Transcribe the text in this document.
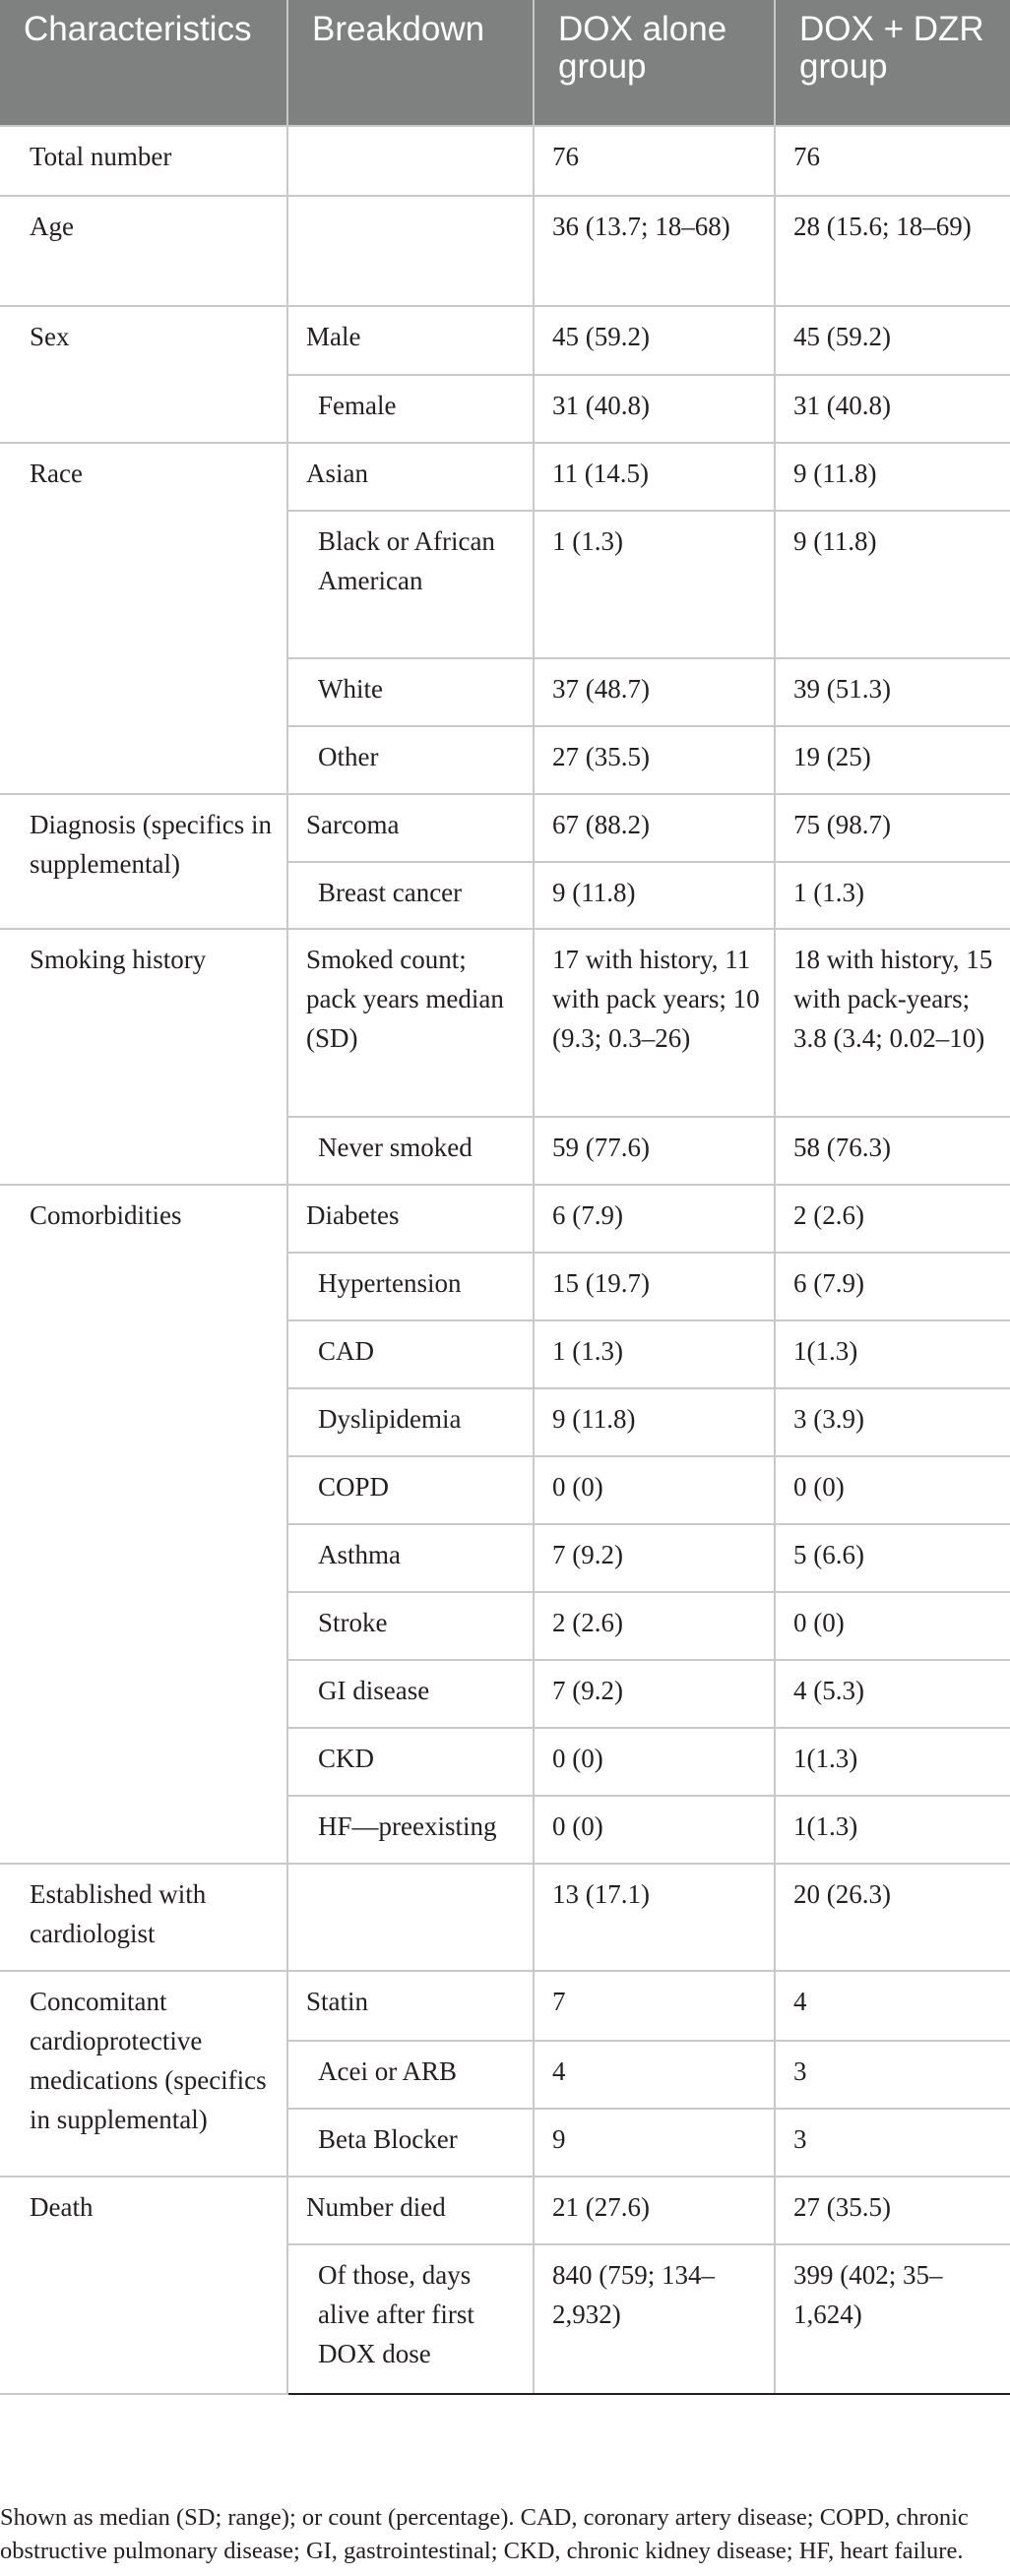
Characteristics	Breakdown	DOX alone group	DOX + DZR group
Total number		76	76
Age		36 (13.7; 18–68)	28 (15.6; 18–69)
Sex	Male	45 (59.2)	45 (59.2)
	Female	31 (40.8)	31 (40.8)
Race	Asian	11 (14.5)	9 (11.8)
	Black or African American	1 (1.3)	9 (11.8)
	White	37 (48.7)	39 (51.3)
	Other	27 (35.5)	19 (25)
Diagnosis (specifics in supplemental)	Sarcoma	67 (88.2)	75 (98.7)
	Breast cancer	9 (11.8)	1 (1.3)
Smoking history	Smoked count; pack years median (SD)	17 with history, 11 with pack years; 10 (9.3; 0.3–26)	18 with history, 15 with pack-years; 3.8 (3.4; 0.02–10)
	Never smoked	59 (77.6)	58 (76.3)
Comorbidities	Diabetes	6 (7.9)	2 (2.6)
	Hypertension	15 (19.7)	6 (7.9)
	CAD	1 (1.3)	1(1.3)
	Dyslipidemia	9 (11.8)	3 (3.9)
	COPD	0 (0)	0 (0)
	Asthma	7 (9.2)	5 (6.6)
	Stroke	2 (2.6)	0 (0)
	GI disease	7 (9.2)	4 (5.3)
	CKD	0 (0)	1(1.3)
	HF—preexisting	0 (0)	1(1.3)
Established with cardiologist		13 (17.1)	20 (26.3)
Concomitant cardioprotective medications (specifics in supplemental)	Statin	7	4
	Acei or ARB	4	3
	Beta Blocker	9	3
Death	Number died	21 (27.6)	27 (35.5)
	Of those, days alive after first DOX dose	840 (759; 134–2,932)	399 (402; 35–1,624)
Shown as median (SD; range); or count (percentage). CAD, coronary artery disease; COPD, chronic obstructive pulmonary disease; GI, gastrointestinal; CKD, chronic kidney disease; HF, heart failure.
